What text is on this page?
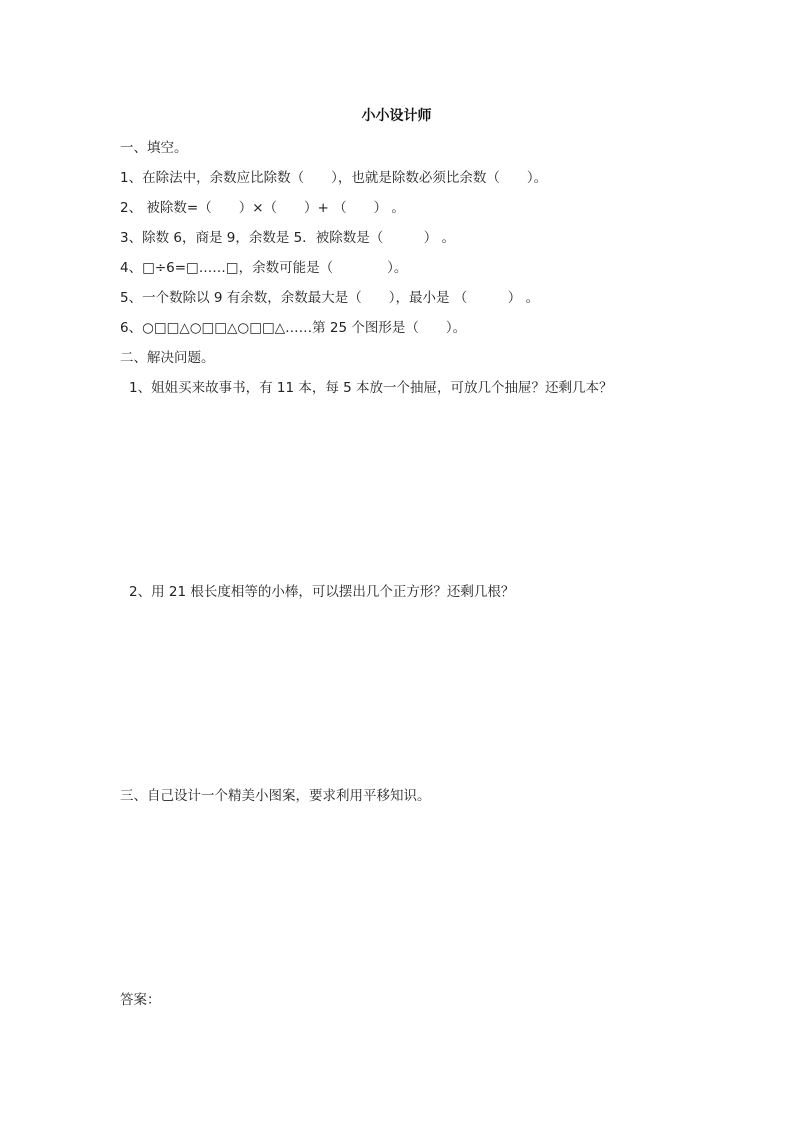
小小设计师
一、填空。
1、在除法中，余数应比除数（　　），也就是除数必须比余数（　　）。
2、 被除数=（　　）×（　　）+ （　　） 。
3、除数 6，商是 9，余数是 5．被除数是（　　　） 。
4、□÷6=□……□，余数可能是（　　　　）。
5、一个数除以 9 有余数，余数最大是（　　），最小是 （　　　） 。
6、○□□△○□□△○□□△……第 25 个图形是（　　）。
二、解决问题。
1、姐姐买来故事书，有 11 本，每 5 本放一个抽屉，可放几个抽屉？还剩几本？
2、用 21 根长度相等的小棒，可以摆出几个正方形？还剩几根？
三、自己设计一个精美小图案，要求利用平移知识。
答案：
